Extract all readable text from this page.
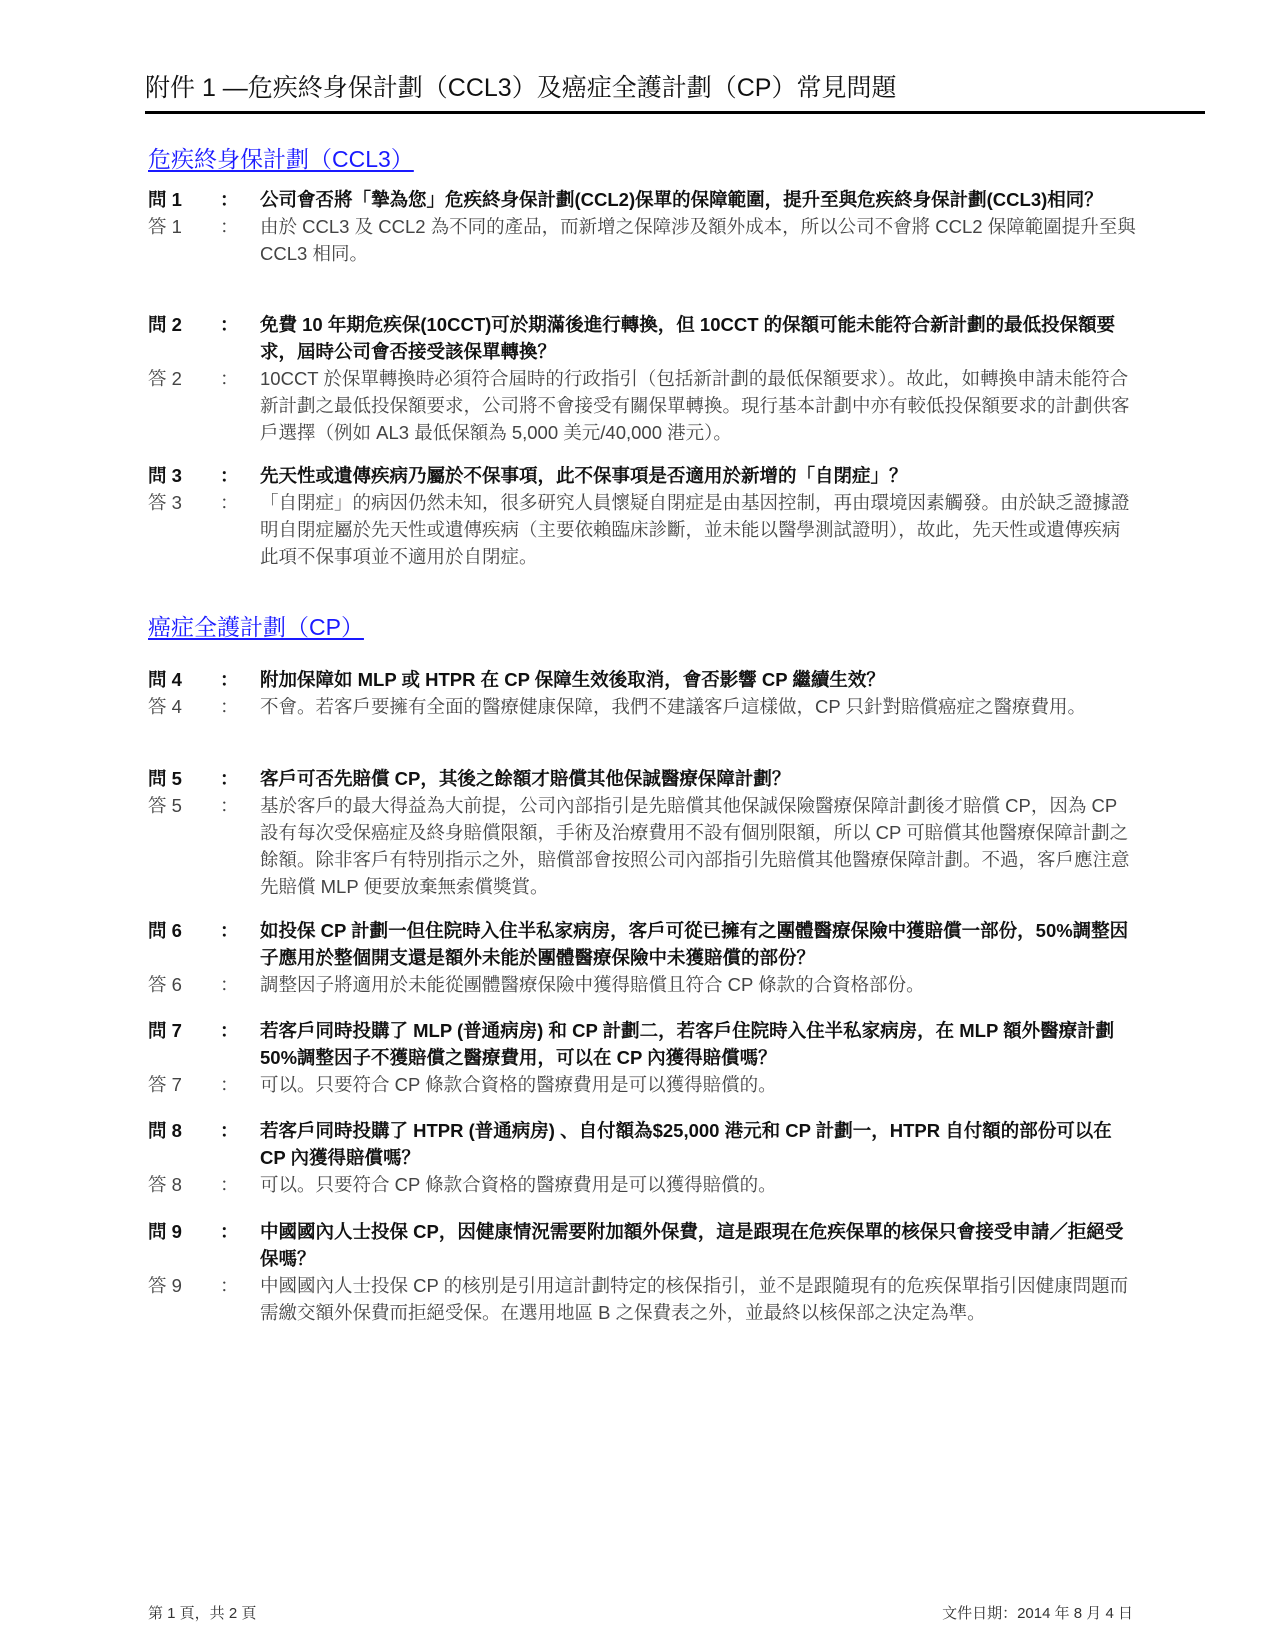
附件 1 —危疾終身保計劃（CCL3）及癌症全護計劃（CP）常見問題
危疾終身保計劃（CCL3）
問 1	： 公司會否將「摯為您」危疾終身保計劃(CCL2)保單的保障範圍，提升至與危疾終身保計劃(CCL3)相同？
答 1	： 由於 CCL3 及 CCL2 為不同的產品，而新增之保障涉及額外成本，所以公司不會將 CCL2 保障範圍提升至與 CCL3 相同。
問 2	： 免費 10 年期危疾保(10CCT)可於期滿後進行轉換，但 10CCT 的保額可能未能符合新計劃的最低投保額要求，屆時公司會否接受該保單轉換？
答 2	： 10CCT 於保單轉換時必須符合屆時的行政指引（包括新計劃的最低保額要求）。故此，如轉換申請未能符合新計劃之最低投保額要求，公司將不會接受有關保單轉換。現行基本計劃中亦有較低投保額要求的計劃供客戶選擇（例如 AL3 最低保額為 5,000 美元/40,000 港元）。
問 3	： 先天性或遺傳疾病乃屬於不保事項，此不保事項是否適用於新增的「自閉症」？
答 3	： 「自閉症」的病因仍然未知，很多研究人員懷疑自閉症是由基因控制，再由環境因素觸發。由於缺乏證據證明自閉症屬於先天性或遺傳疾病（主要依賴臨床診斷，並未能以醫學測試證明），故此，先天性或遺傳疾病此項不保事項並不適用於自閉症。
癌症全護計劃（CP）
問 4	： 附加保障如 MLP 或 HTPR 在 CP 保障生效後取消，會否影響 CP 繼續生效？
答 4	： 不會。若客戶要擁有全面的醫療健康保障，我們不建議客戶這樣做，CP 只針對賠償癌症之醫療費用。
問 5	： 客戶可否先賠償 CP，其後之餘額才賠償其他保誠醫療保障計劃？
答 5	： 基於客戶的最大得益為大前提，公司內部指引是先賠償其他保誠保險醫療保障計劃後才賠償 CP，因為 CP 設有每次受保癌症及終身賠償限額，手術及治療費用不設有個別限額，所以 CP 可賠償其他醫療保障計劃之餘額。除非客戶有特別指示之外，賠償部會按照公司內部指引先賠償其他醫療保障計劃。不過，客戶應注意先賠償 MLP 便要放棄無索償獎賞。
問 6	： 如投保 CP 計劃一但住院時入住半私家病房，客戶可從已擁有之團體醫療保險中獲賠償一部份，50%調整因子應用於整個開支還是額外未能於團體醫療保險中未獲賠償的部份？
答 6	： 調整因子將適用於未能從團體醫療保險中獲得賠償且符合 CP 條款的合資格部份。
問 7	： 若客戶同時投購了 MLP (普通病房) 和 CP 計劃二，若客戶住院時入住半私家病房，在 MLP 額外醫療計劃 50%調整因子不獲賠償之醫療費用，可以在 CP 內獲得賠償嗎？
答 7	： 可以。只要符合 CP 條款合資格的醫療費用是可以獲得賠償的。
問 8	： 若客戶同時投購了 HTPR (普通病房) 、自付額為$25,000 港元和 CP 計劃一，HTPR 自付額的部份可以在 CP 內獲得賠償嗎？
答 8	： 可以。只要符合 CP 條款合資格的醫療費用是可以獲得賠償的。
問 9	： 中國國內人士投保 CP，因健康情況需要附加額外保費，這是跟現在危疾保單的核保只會接受申請／拒絕受保嗎？
答 9	： 中國國內人士投保 CP 的核別是引用這計劃特定的核保指引，並不是跟隨現有的危疾保單指引因健康問題而需繳交額外保費而拒絕受保。在選用地區 B 之保費表之外，並最終以核保部之決定為準。
第 1 頁，共 2 頁	文件日期：2014 年 8 月 4 日
